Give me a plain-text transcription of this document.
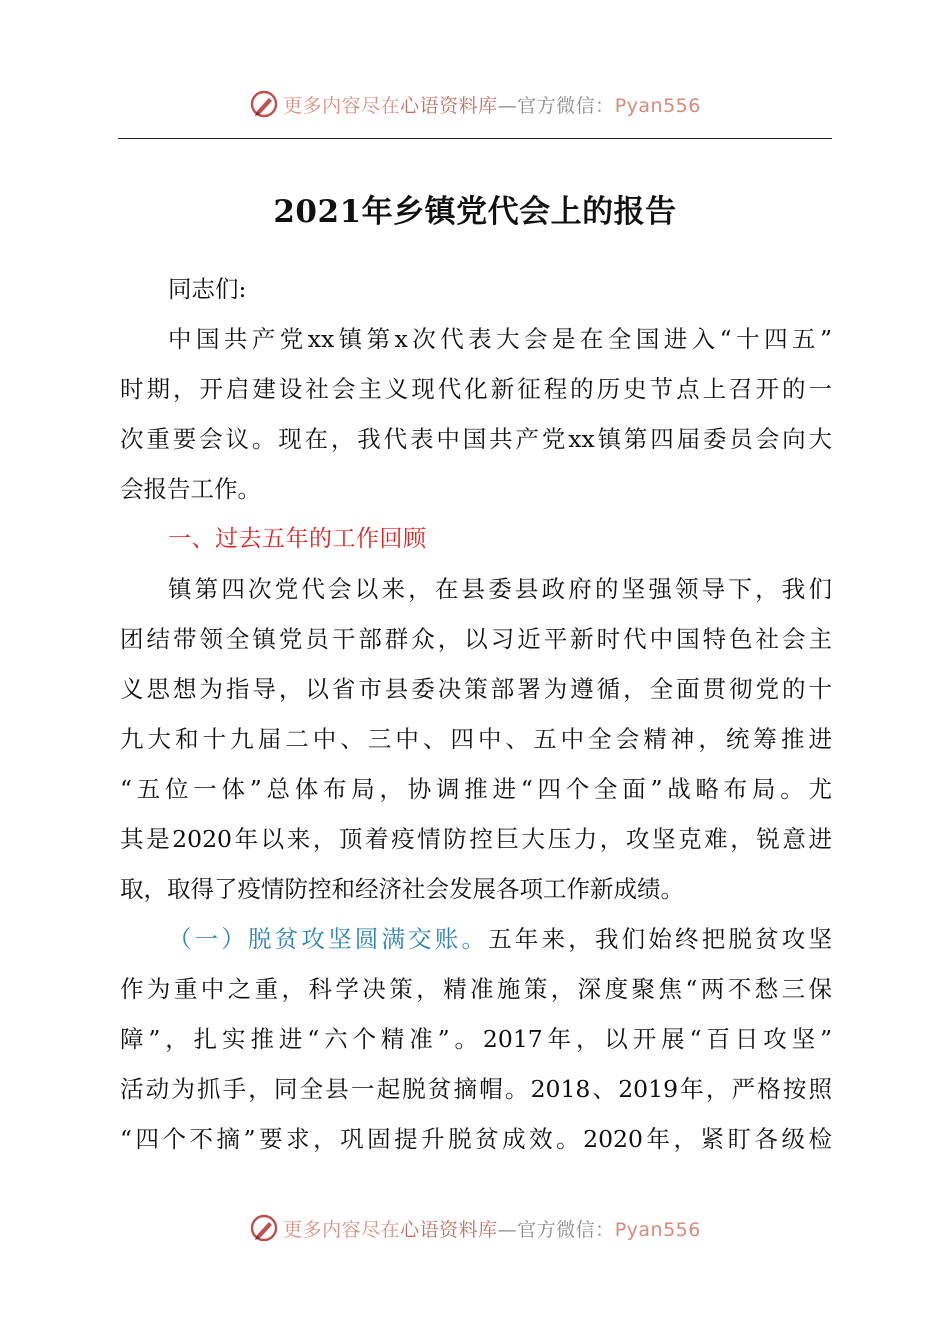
更多内容尽在心语资料库—官方微信：Pyan556
2021年乡镇党代会上的报告
同志们:
中国共产党xx镇第x次代表大会是在全国进入“十四五”
时期，开启建设社会主义现代化新征程的历史节点上召开的一
次重要会议。现在，我代表中国共产党xx镇第四届委员会向大
会报告工作。
一、过去五年的工作回顾
镇第四次党代会以来，在县委县政府的坚强领导下，我们
团结带领全镇党员干部群众，以习近平新时代中国特色社会主
义思想为指导，以省市县委决策部署为遵循，全面贯彻党的十
九大和十九届二中、三中、四中、五中全会精神，统筹推进
“五位一体”总体布局，协调推进“四个全面”战略布局。尤
其是2020年以来，顶着疫情防控巨大压力，攻坚克难，锐意进
取，取得了疫情防控和经济社会发展各项工作新成绩。
（一）脱贫攻坚圆满交账。五年来，我们始终把脱贫攻坚
作为重中之重，科学决策，精准施策，深度聚焦“两不愁三保
障”，扎实推进“六个精准”。2017年，以开展“百日攻坚”
活动为抓手，同全县一起脱贫摘帽。2018、2019年，严格按照
“四个不摘”要求，巩固提升脱贫成效。2020年，紧盯各级检
更多内容尽在心语资料库—官方微信：Pyan556
